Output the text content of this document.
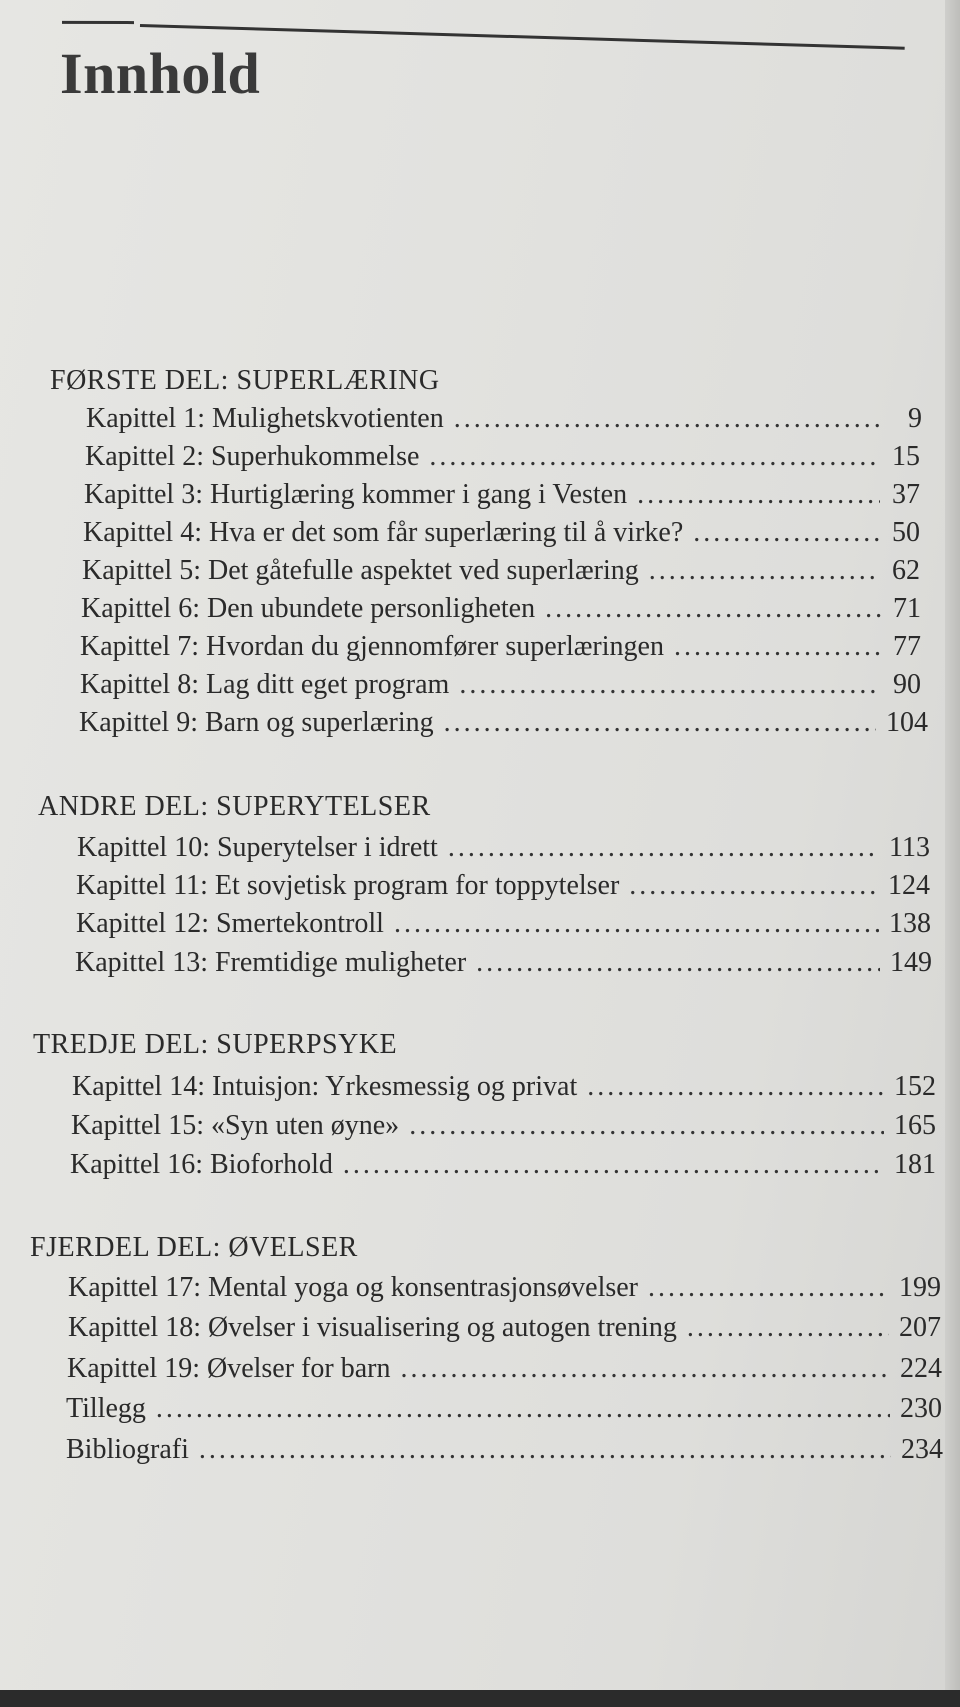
Innhold
FØRSTE DEL: SUPERLÆRING
Kapittel 1: Mulighetskvotienten .....	9
Kapittel 2: Superhukommelse .....	15
Kapittel 3: Hurtiglæring kommer i gang i Vesten .....	37
Kapittel 4: Hva er det som får superlæring til å virke? .....	50
Kapittel 5: Det gåtefulle aspektet ved superlæring .....	62
Kapittel 6: Den ubundete personligheten .....	71
Kapittel 7: Hvordan du gjennomfører superlæringen .....	77
Kapittel 8: Lag ditt eget program .....	90
Kapittel 9: Barn og superlæring .....	104
ANDRE DEL: SUPERYTELSER
Kapittel 10: Superytelser i idrett .....	113
Kapittel 11: Et sovjetisk program for toppytelser .....	124
Kapittel 12: Smertekontroll .....	138
Kapittel 13: Fremtidige muligheter .....	149
TREDJE DEL: SUPERPSYKE
Kapittel 14: Intuisjon: Yrkesmessig og privat .....	152
Kapittel 15: «Syn uten øyne» .....	165
Kapittel 16: Bioforhold .....	181
FJERDEL DEL: ØVELSER
Kapittel 17: Mental yoga og konsentrasjonsøvelser .....	199
Kapittel 18: Øvelser i visualisering og autogen trening .....	207
Kapittel 19: Øvelser for barn .....	224
Tillegg .....	230
Bibliografi .....	234
